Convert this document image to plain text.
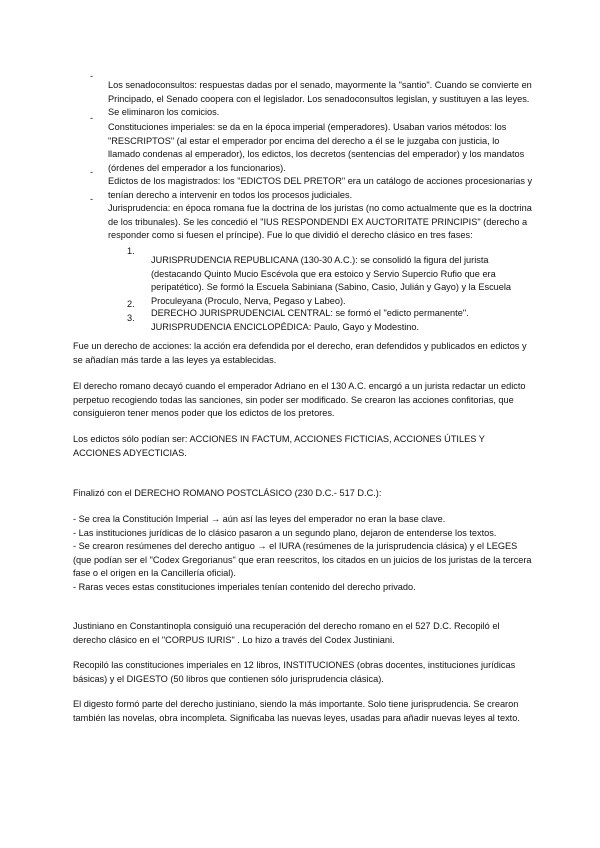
-

Los senadoconsultos: respuestas dadas por el senado, mayormente la "santio". Cuando se convierte en Principado, el Senado coopera con el legislador. Los senadoconsultos legislan, y sustituyen a las leyes. Se eliminaron los comicios.

-

Constituciones imperiales: se da en la época imperial (emperadores). Usaban varios métodos: los "RESCRIPTOS" (al estar el emperador por encima del derecho a él se le juzgaba con justicia, lo llamado condenas al emperador), los edictos, los decretos (sentencias del emperador) y los mandatos (órdenes del emperador a los funcionarios).

-

Edictos de los magistrados: los "EDICTOS DEL PRETOR" era un catálogo de acciones procesionarias y tenían derecho a intervenir en todos los procesos judiciales.

-

Jurisprudencia: en época romana fue la doctrina de los juristas (no como actualmente que es la doctrina de los tribunales). Se les concedió el "IUS RESPONDENDI EX AUCTORITATE PRINCIPIS" (derecho a responder como si fuesen el príncipe). Fue lo que dividió el derecho clásico en tres fases:

1.

JURISPRUDENCIA REPUBLICANA (130-30 A.C.): se consolidó la figura del jurista (destacando Quinto Mucio Escévola que era estoico y Servio Supercio Rufio que era peripatético). Se formó la Escuela Sabiniana (Sabino, Casio, Julián y Gayo) y la Escuela Proculeyana (Proculo, Nerva, Pegaso y Labeo).

2.

DERECHO JURISPRUDENCIAL CENTRAL: se formó el "edicto permanente".

3.

JURISPRUDENCIA ENCICLOPÉDICA: Paulo, Gayo y Modestino.

Fue un derecho de acciones: la acción era defendida por el derecho, eran defendidos y publicados en edictos y se añadían más tarde a las leyes ya establecidas.

El derecho romano decayó cuando el emperador Adriano en el 130 A.C. encargó a un jurista redactar un edicto perpetuo recogiendo todas las sanciones, sin poder ser modificado. Se crearon las acciones confitorias, que consiguieron tener menos poder que los edictos de los pretores.

Los edictos sólo podían ser: ACCIONES IN FACTUM, ACCIONES FICTICIAS, ACCIONES ÚTILES Y ACCIONES ADYECTICIAS.

Finalizó con el DERECHO ROMANO POSTCLÁSICO (230 D.C.- 517 D.C.):

- Se crea la Constitución Imperial → aún así las leyes del emperador no eran la base clave.

- Las instituciones jurídicas de lo clásico pasaron a un segundo plano, dejaron de entenderse los textos.

- Se crearon resúmenes del derecho antiguo → el IURA (resúmenes de la jurisprudencia clásica) y el LEGES (que podían ser el "Codex Gregorianus" que eran reescritos, los citados en un juicios de los juristas de la tercera fase o el origen en la Cancillería oficial).

- Raras veces estas constituciones imperiales tenían contenido del derecho privado.

Justiniano en Constantinopla consiguió una recuperación del derecho romano en el 527 D.C. Recopiló el derecho clásico en el "CORPUS IURIS" . Lo hizo a través del Codex Justiniani.

Recopiló las constituciones imperiales en 12 libros, INSTITUCIONES (obras docentes, instituciones jurídicas básicas) y el DIGESTO (50 libros que contienen sólo jurisprudencia clásica).

El digesto formó parte del derecho justiniano, siendo la más importante. Solo tiene jurisprudencia. Se crearon también las novelas, obra incompleta. Significaba las nuevas leyes, usadas para añadir nuevas leyes al texto.
